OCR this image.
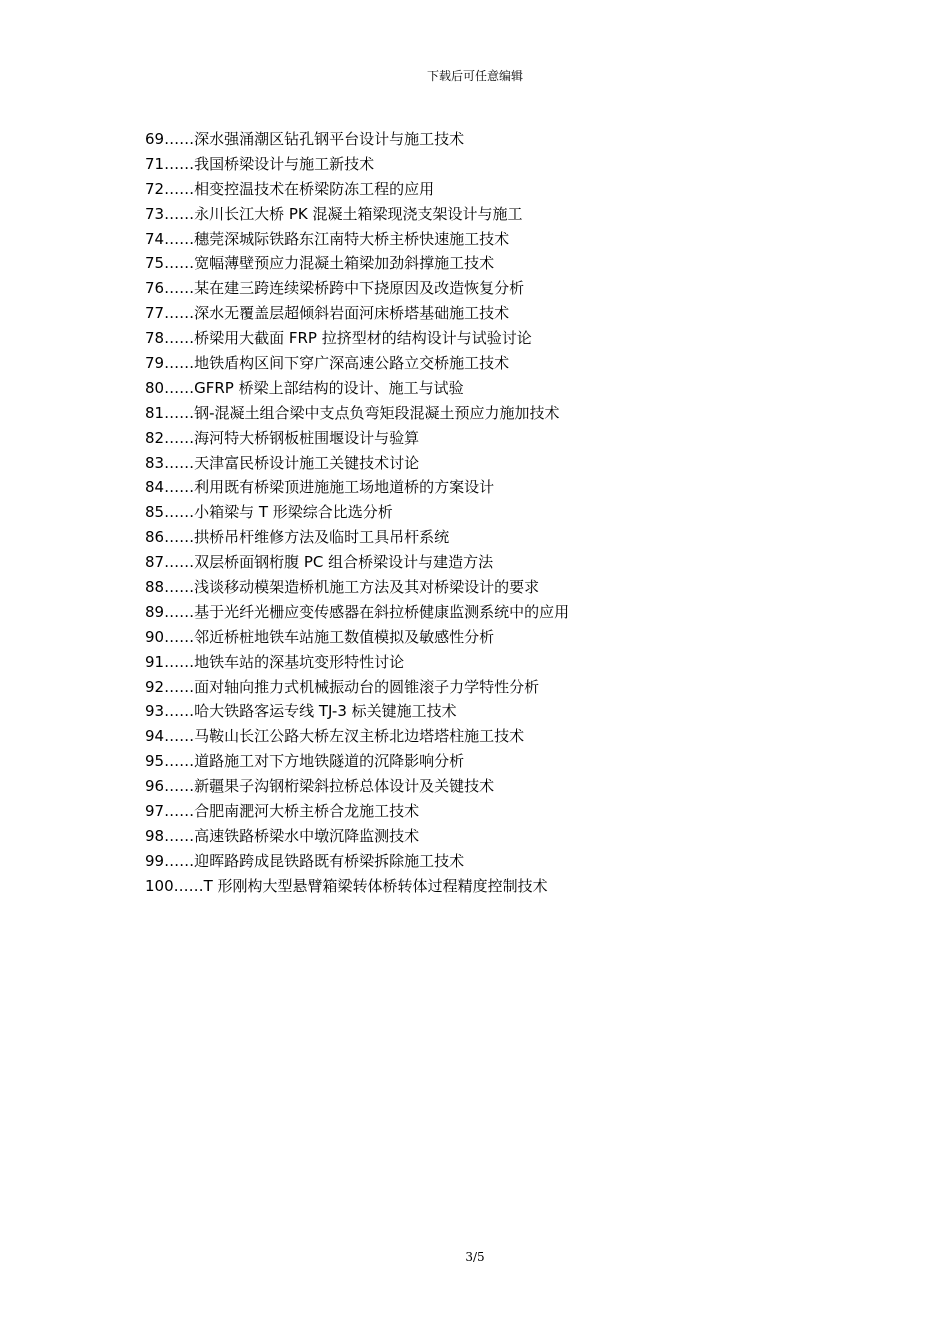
下载后可任意编辑
69……深水强涌潮区钻孔钢平台设计与施工技术
71……我国桥梁设计与施工新技术
72……相变控温技术在桥梁防冻工程的应用
73……永川长江大桥 PK 混凝土箱梁现浇支架设计与施工
74……穗莞深城际铁路东江南特大桥主桥快速施工技术
75……宽幅薄壁预应力混凝土箱梁加劲斜撑施工技术
76……某在建三跨连续梁桥跨中下挠原因及改造恢复分析
77……深水无覆盖层超倾斜岩面河床桥塔基础施工技术
78……桥梁用大截面 FRP 拉挤型材的结构设计与试验讨论
79……地铁盾构区间下穿广深高速公路立交桥施工技术
80……GFRP 桥梁上部结构的设计、施工与试验
81……钢-混凝土组合梁中支点负弯矩段混凝土预应力施加技术
82……海河特大桥钢板桩围堰设计与验算
83……天津富民桥设计施工关键技术讨论
84……利用既有桥梁顶进施施工场地道桥的方案设计
85……小箱梁与 T 形梁综合比选分析
86……拱桥吊杆维修方法及临时工具吊杆系统
87……双层桥面钢桁腹 PC 组合桥梁设计与建造方法
88……浅谈移动模架造桥机施工方法及其对桥梁设计的要求
89……基于光纤光栅应变传感器在斜拉桥健康监测系统中的应用
90……邻近桥桩地铁车站施工数值模拟及敏感性分析
91……地铁车站的深基坑变形特性讨论
92……面对轴向推力式机械振动台的圆锥滚子力学特性分析
93……哈大铁路客运专线 TJ-3 标关键施工技术
94……马鞍山长江公路大桥左汊主桥北边塔塔柱施工技术
95……道路施工对下方地铁隧道的沉降影响分析
96……新疆果子沟钢桁梁斜拉桥总体设计及关键技术
97……合肥南淝河大桥主桥合龙施工技术
98……高速铁路桥梁水中墩沉降监测技术
99……迎晖路跨成昆铁路既有桥梁拆除施工技术
100……T 形刚构大型悬臂箱梁转体桥转体过程精度控制技术
3/5
